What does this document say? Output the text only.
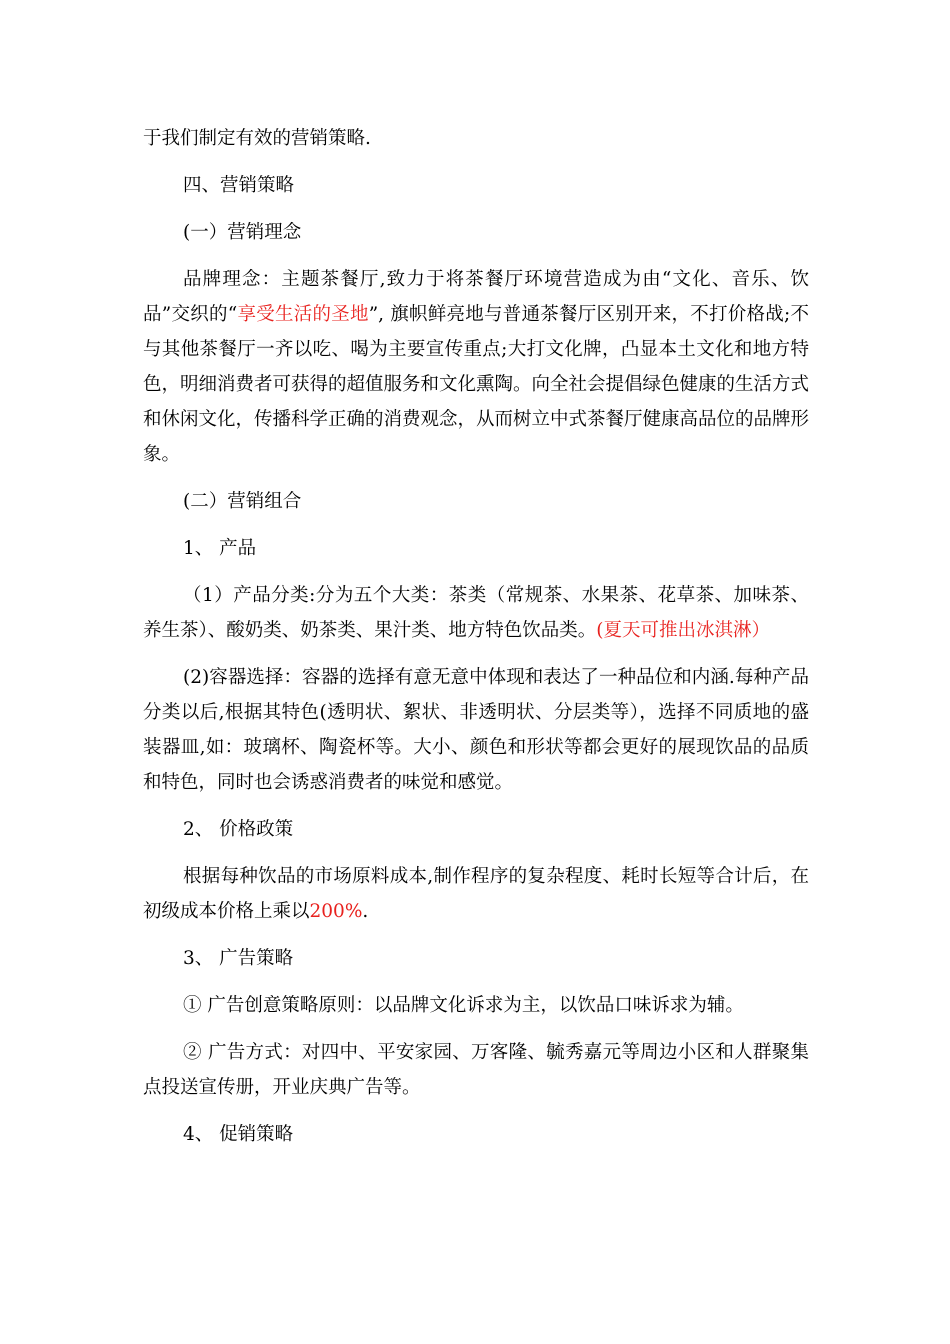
于我们制定有效的营销策略.

四、营销策略

(一）营销理念

品牌理念：主题茶餐厅,致力于将茶餐厅环境营造成为由“文化、音乐、饮品”交织的“享受生活的圣地”, 旗帜鲜亮地与普通茶餐厅区别开来，不打价格战;不与其他茶餐厅一齐以吃、喝为主要宣传重点;大打文化牌，凸显本土文化和地方特色，明细消费者可获得的超值服务和文化熏陶。向全社会提倡绿色健康的生活方式和休闲文化，传播科学正确的消费观念，从而树立中式茶餐厅健康高品位的品牌形象。

(二）营销组合

1、 产品

（1）产品分类:分为五个大类：茶类（常规茶、水果茶、花草茶、加味茶、养生茶）、酸奶类、奶茶类、果汁类、地方特色饮品类。(夏天可推出冰淇淋）

(2)容器选择：容器的选择有意无意中体现和表达了一种品位和内涵.每种产品分类以后,根据其特色(透明状、絮状、非透明状、分层类等），选择不同质地的盛装器皿,如：玻璃杯、陶瓷杯等。大小、颜色和形状等都会更好的展现饮品的品质和特色，同时也会诱惑消费者的味觉和感觉。

2、 价格政策

根据每种饮品的市场原料成本,制作程序的复杂程度、耗时长短等合计后，在初级成本价格上乘以200%.

3、 广告策略

① 广告创意策略原则：以品牌文化诉求为主，以饮品口味诉求为辅。

② 广告方式：对四中、平安家园、万客隆、毓秀嘉元等周边小区和人群聚集点投送宣传册，开业庆典广告等。

4、 促销策略
